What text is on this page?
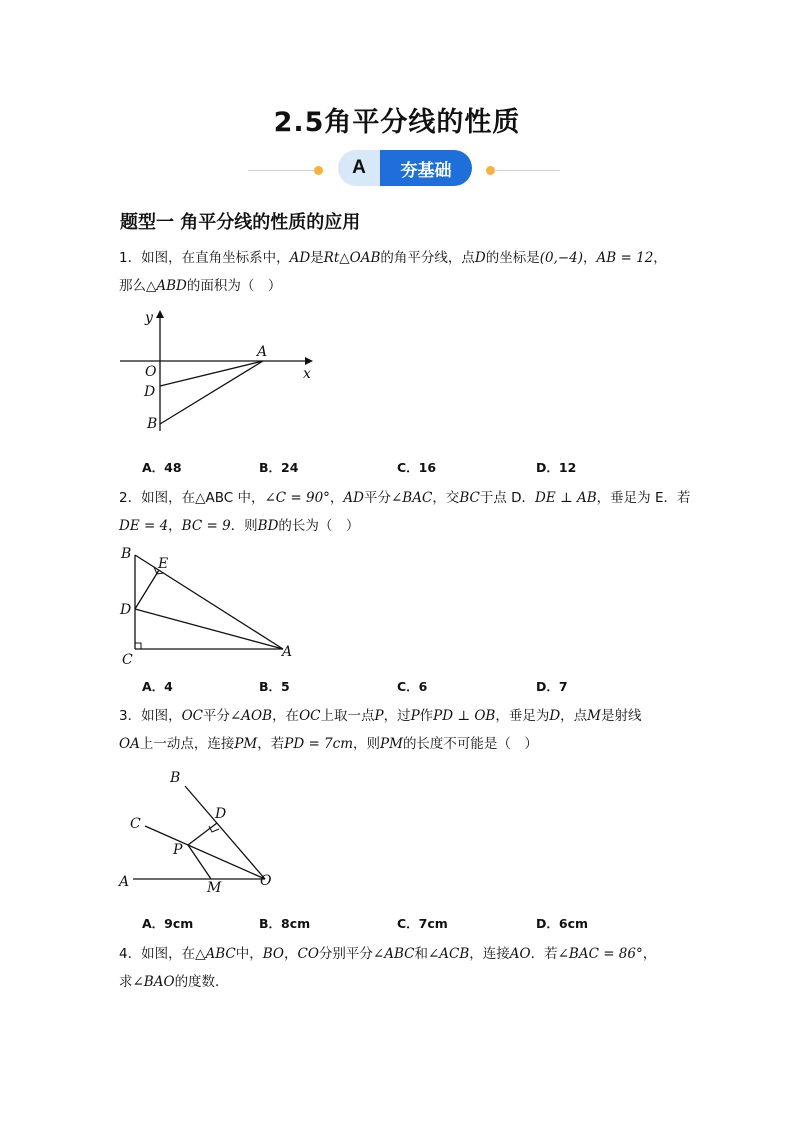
2.5角平分线的性质
A	夯基础
题型一 角平分线的性质的应用
1．如图，在直角坐标系中，AD是Rt△OAB的角平分线，点D的坐标是(0,−4)，AB = 12，
那么△ABD的面积为（　）
y
x
O
D
B
A
A．48	B．24	C．16	D．12
2．如图，在△ABC 中，∠C = 90°，AD平分∠BAC，交BC于点 D．DE ⊥ AB，垂足为 E．若
DE = 4，BC = 9．则BD的长为（　）
B
E
D
C	A
A．4	B．5	C．6	D．7
3．如图，OC平分∠AOB，在OC上取一点P，过P作PD ⊥ OB，垂足为D，点M是射线
OA上一动点，连接PM，若PD = 7cm，则PM的长度不可能是（　）
B
D
C
P
A	M	O
A．9cm	B．8cm	C．7cm	D．6cm
4．如图，在△ABC中，BO，CO分别平分∠ABC和∠ACB，连接AO．若∠BAC = 86°，
求∠BAO的度数．
